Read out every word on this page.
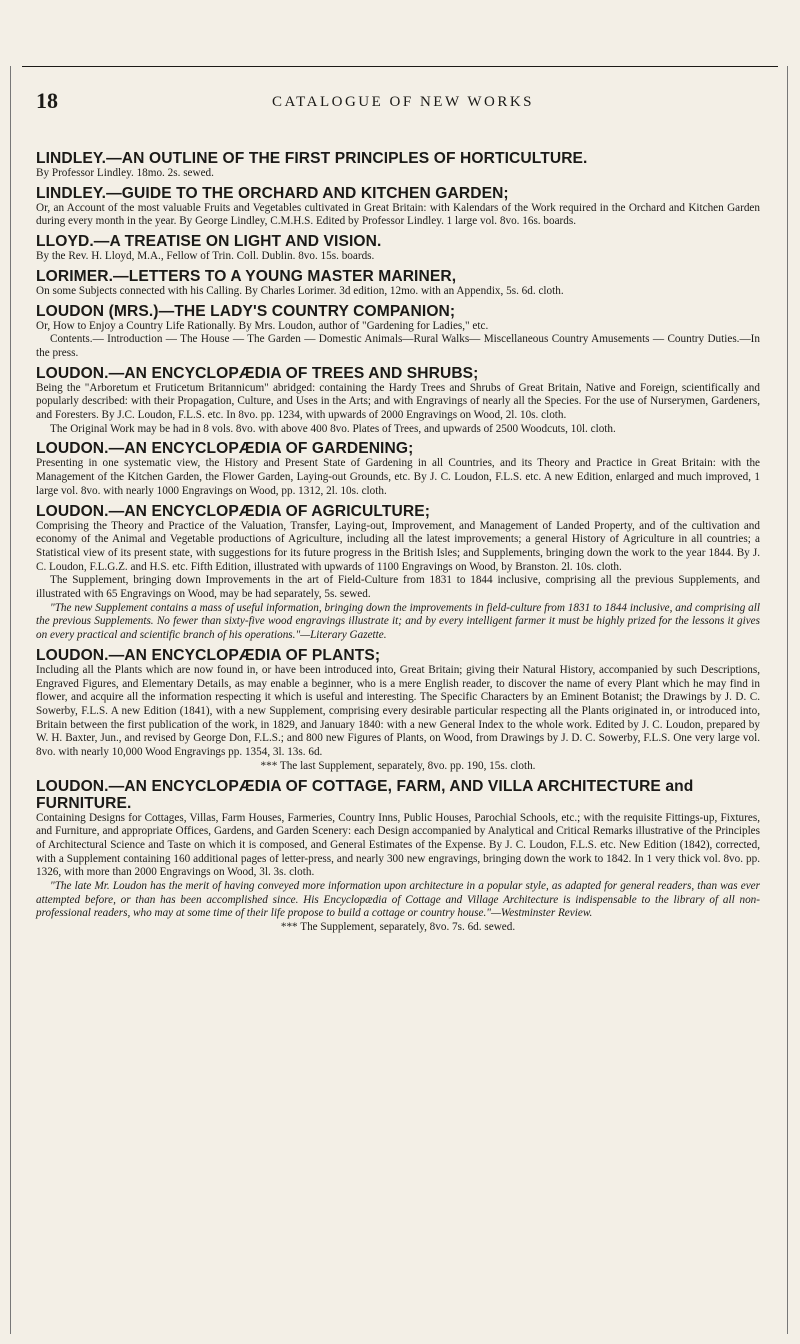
18	CATALOGUE OF NEW WORKS
LINDLEY.—AN OUTLINE OF THE FIRST PRINCIPLES OF HORTICULTURE.

By Professor Lindley. 18mo. 2s. sewed.

LINDLEY.—GUIDE TO THE ORCHARD AND KITCHEN GARDEN;

Or, an Account of the most valuable Fruits and Vegetables cultivated in Great Britain: with Kalendars of the Work required in the Orchard and Kitchen Garden during every month in the year. By George Lindley, C.M.H.S. Edited by Professor Lindley. 1 large vol. 8vo. 16s. boards.

LLOYD.—A TREATISE ON LIGHT AND VISION.

By the Rev. H. Lloyd, M.A., Fellow of Trin. Coll. Dublin. 8vo. 15s. boards.

LORIMER.—LETTERS TO A YOUNG MASTER MARINER,

On some Subjects connected with his Calling. By Charles Lorimer. 3d edition, 12mo. with an Appendix, 5s. 6d. cloth.

LOUDON (MRS.)—THE LADY'S COUNTRY COMPANION;

Or, How to Enjoy a Country Life Rationally. By Mrs. Loudon, author of "Gardening for Ladies," etc.

Contents.— Introduction — The House — The Garden — Domestic Animals—Rural Walks— Miscellaneous Country Amusements — Country Duties.—In the press.

LOUDON.—AN ENCYCLOPÆDIA OF TREES AND SHRUBS;

Being the "Arboretum et Fruticetum Britannicum" abridged: containing the Hardy Trees and Shrubs of Great Britain, Native and Foreign, scientifically and popularly described: with their Propagation, Culture, and Uses in the Arts; and with Engravings of nearly all the Species. For the use of Nurserymen, Gardeners, and Foresters. By J.C. Loudon, F.L.S. etc. In 8vo. pp. 1234, with upwards of 2000 Engravings on Wood, 2l. 10s. cloth.

The Original Work may be had in 8 vols. 8vo. with above 400 8vo. Plates of Trees, and upwards of 2500 Woodcuts, 10l. cloth.

LOUDON.—AN ENCYCLOPÆDIA OF GARDENING;

Presenting in one systematic view, the History and Present State of Gardening in all Countries, and its Theory and Practice in Great Britain: with the Management of the Kitchen Garden, the Flower Garden, Laying-out Grounds, etc. By J. C. Loudon, F.L.S. etc. A new Edition, enlarged and much improved, 1 large vol. 8vo. with nearly 1000 Engravings on Wood, pp. 1312, 2l. 10s. cloth.

LOUDON.—AN ENCYCLOPÆDIA OF AGRICULTURE;

Comprising the Theory and Practice of the Valuation, Transfer, Laying-out, Improvement, and Management of Landed Property, and of the cultivation and economy of the Animal and Vegetable productions of Agriculture, including all the latest improvements; a general History of Agriculture in all countries; a Statistical view of its present state, with suggestions for its future progress in the British Isles; and Supplements, bringing down the work to the year 1844. By J. C. Loudon, F.L.G.Z. and H.S. etc. Fifth Edition, illustrated with upwards of 1100 Engravings on Wood, by Branston. 2l. 10s. cloth.

The Supplement, bringing down Improvements in the art of Field-Culture from 1831 to 1844 inclusive, comprising all the previous Supplements, and illustrated with 65 Engravings on Wood, may be had separately, 5s. sewed.

"The new Supplement contains a mass of useful information, bringing down the improvements in field-culture from 1831 to 1844 inclusive, and comprising all the previous Supplements. No fewer than sixty-five wood engravings illustrate it; and by every intelligent farmer it must be highly prized for the lessons it gives on every practical and scientific branch of his operations."—Literary Gazette.

LOUDON.—AN ENCYCLOPÆDIA OF PLANTS;

Including all the Plants which are now found in, or have been introduced into, Great Britain; giving their Natural History, accompanied by such Descriptions, Engraved Figures, and Elementary Details, as may enable a beginner, who is a mere English reader, to discover the name of every Plant which he may find in flower, and acquire all the information respecting it which is useful and interesting. The Specific Characters by an Eminent Botanist; the Drawings by J. D. C. Sowerby, F.L.S. A new Edition (1841), with a new Supplement, comprising every desirable particular respecting all the Plants originated in, or introduced into, Britain between the first publication of the work, in 1829, and January 1840: with a new General Index to the whole work. Edited by J. C. Loudon, prepared by W. H. Baxter, Jun., and revised by George Don, F.L.S.; and 800 new Figures of Plants, on Wood, from Drawings by J. D. C. Sowerby, F.L.S. One very large vol. 8vo. with nearly 10,000 Wood Engravings pp. 1354, 3l. 13s. 6d.

*** The last Supplement, separately, 8vo. pp. 190, 15s. cloth.

LOUDON.—AN ENCYCLOPÆDIA OF COTTAGE, FARM, AND VILLA ARCHITECTURE and FURNITURE.

Containing Designs for Cottages, Villas, Farm Houses, Farmeries, Country Inns, Public Houses, Parochial Schools, etc.; with the requisite Fittings-up, Fixtures, and Furniture, and appropriate Offices, Gardens, and Garden Scenery: each Design accompanied by Analytical and Critical Remarks illustrative of the Principles of Architectural Science and Taste on which it is composed, and General Estimates of the Expense. By J. C. Loudon, F.L.S. etc. New Edition (1842), corrected, with a Supplement containing 160 additional pages of letter-press, and nearly 300 new engravings, bringing down the work to 1842. In 1 very thick vol. 8vo. pp. 1326, with more than 2000 Engravings on Wood, 3l. 3s. cloth.

"The late Mr. Loudon has the merit of having conveyed more information upon architecture in a popular style, as adapted for general readers, than was ever attempted before, or than has been accomplished since. His Encyclopædia of Cottage and Village Architecture is indispensable to the library of all non-professional readers, who may at some time of their life propose to build a cottage or country house."—Westminster Review.

*** The Supplement, separately, 8vo. 7s. 6d. sewed.
